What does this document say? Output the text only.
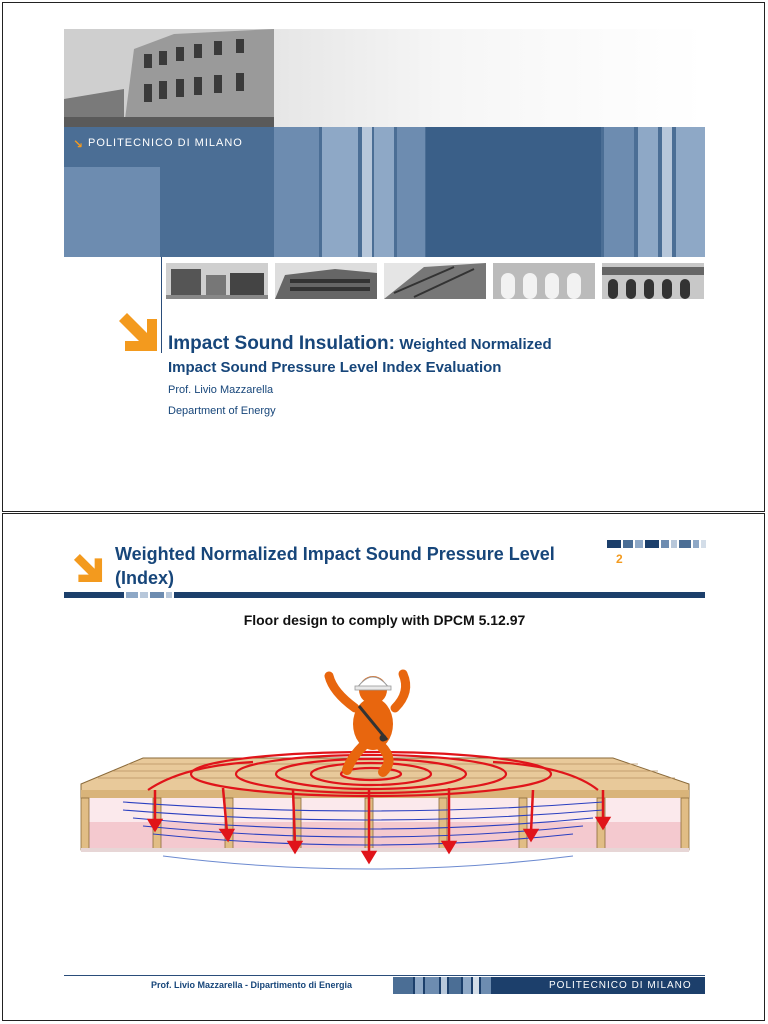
↘ POLITECNICO DI MILANO
Impact Sound Insulation: Weighted Normalized
Impact Sound Pressure Level Index Evaluation
Prof. Livio Mazzarella
Department of Energy
Weighted Normalized Impact Sound Pressure Level (Index)
2
Floor design to comply with DPCM 5.12.97
Prof. Livio Mazzarella - Dipartimento di Energia	POLITECNICO DI MILANO
